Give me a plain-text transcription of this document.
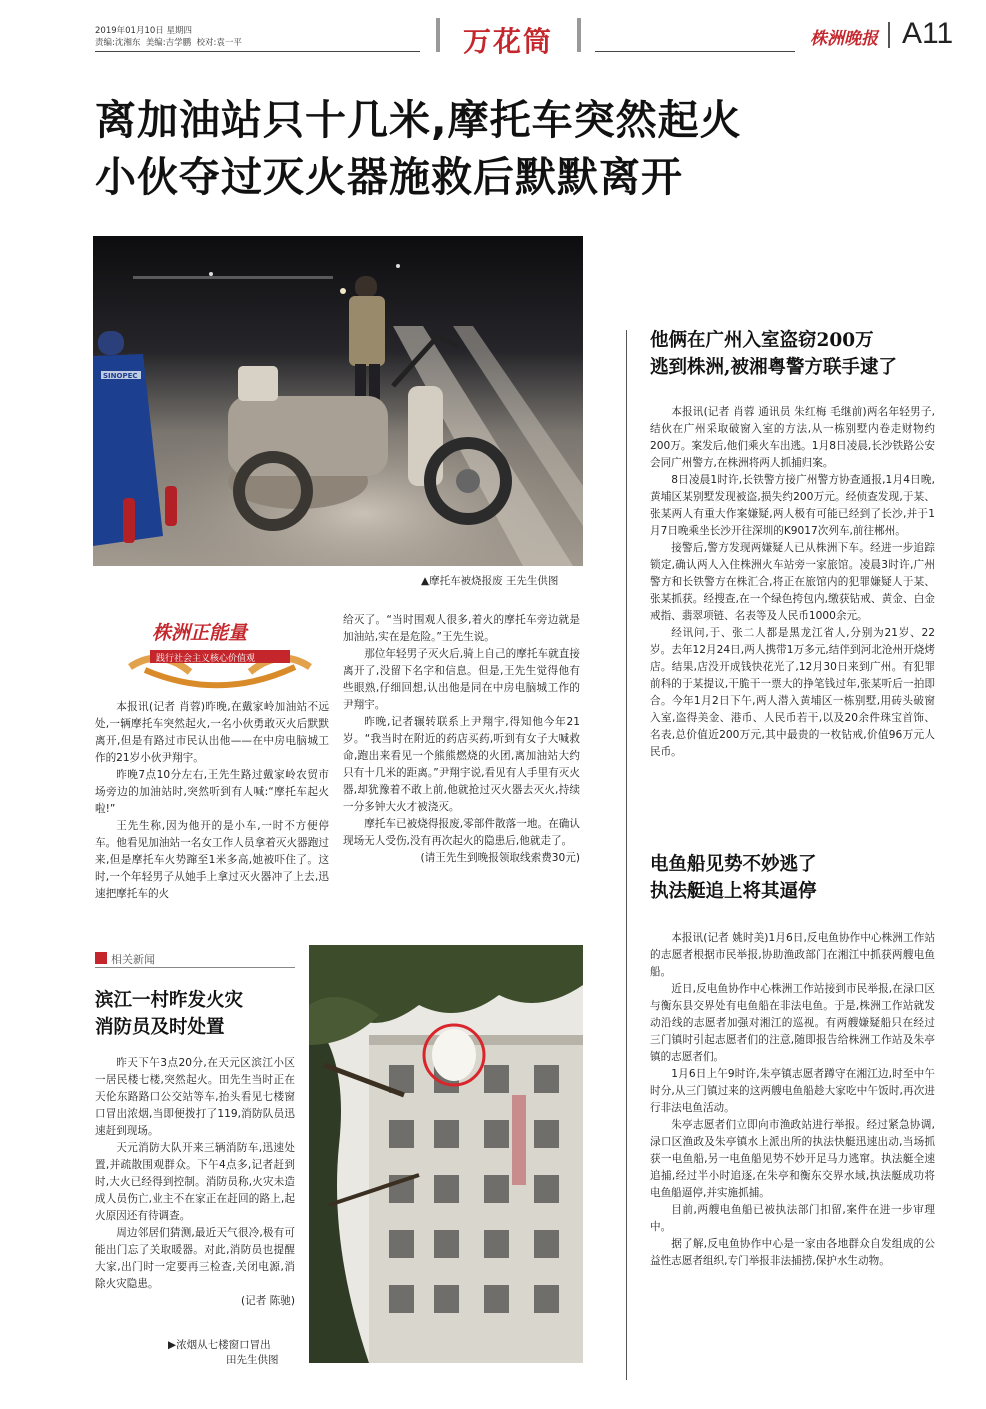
2019年01月10日 星期四
责编:沈湘东  美编:吉学鹏  校对:袁一平	万花筒	株洲晚报 A11
离加油站只十几米,摩托车突然起火
小伙夺过灭火器施救后默默离开
SINOPEC
▲摩托车被烧报废 王先生供图
株洲正能量
践行社会主义核心价值观

本报讯(记者 肖蓉)昨晚,在戴家岭加油站不远处,一辆摩托车突然起火,一名小伙勇敢灭火后默默离开,但是有路过市民认出他——在中房电脑城工作的21岁小伙尹翔宇。

昨晚7点10分左右,王先生路过戴家岭农贸市场旁边的加油站时,突然听到有人喊:“摩托车起火啦!”

王先生称,因为他开的是小车,一时不方便停车。他看见加油站一名女工作人员拿着灭火器跑过来,但是摩托车火势蹿至1米多高,她被吓住了。这时,一个年轻男子从她手上拿过灭火器冲了上去,迅速把摩托车的火

给灭了。“当时围观人很多,着火的摩托车旁边就是加油站,实在是危险。”王先生说。

那位年轻男子灭火后,骑上自己的摩托车就直接离开了,没留下名字和信息。但是,王先生觉得他有些眼熟,仔细回想,认出他是同在中房电脑城工作的尹翔宇。

昨晚,记者辗转联系上尹翔宇,得知他今年21岁。“我当时在附近的药店买药,听到有女子大喊救命,跑出来看见一个熊熊燃烧的火团,离加油站大约只有十几米的距离。”尹翔宇说,看见有人手里有灭火器,却犹豫着不敢上前,他就抢过灭火器去灭火,持续一分多钟大火才被浇灭。

摩托车已被烧得报废,零部件散落一地。在确认现场无人受伤,没有再次起火的隐患后,他就走了。

(请王先生到晚报领取线索费30元)

他俩在广州入室盗窃200万
逃到株洲,被湘粤警方联手逮了

本报讯(记者 肖蓉 通讯员 朱红梅 毛继前)两名年轻男子,结伙在广州采取破窗入室的方法,从一栋别墅内卷走财物约200万。案发后,他们乘火车出逃。1月8日凌晨,长沙铁路公安会同广州警方,在株洲将两人抓捕归案。

8日凌晨1时许,长铁警方接广州警方协查通报,1月4日晚,黄埔区某别墅发现被盗,损失约200万元。经侦查发现,于某、张某两人有重大作案嫌疑,两人极有可能已经到了长沙,并于1月7日晚乘坐长沙开往深圳的K9017次列车,前往郴州。

接警后,警方发现两嫌疑人已从株洲下车。经进一步追踪锁定,确认两人入住株洲火车站旁一家旅馆。凌晨3时许,广州警方和长铁警方在株汇合,将正在旅馆内的犯罪嫌疑人于某、张某抓获。经搜查,在一个绿色挎包内,缴获钻戒、黄金、白金戒指、翡翠项链、名表等及人民币1000余元。

经讯问,于、张二人都是黑龙江省人,分别为21岁、22岁。去年12月24日,两人携带1万多元,结伴到河北沧州开烧烤店。结果,店没开成钱快花光了,12月30日来到广州。有犯罪前科的于某提议,干脆干一票大的挣笔钱过年,张某听后一拍即合。今年1月2日下午,两人潜入黄埔区一栋别墅,用砖头破窗入室,盗得美金、港币、人民币若干,以及20余件珠宝首饰、名表,总价值近200万元,其中最贵的一枚钻戒,价值96万元人民币。

电鱼船见势不妙逃了
执法艇追上将其逼停

本报讯(记者 姚时美)1月6日,反电鱼协作中心株洲工作站的志愿者根据市民举报,协助渔政部门在湘江中抓获两艘电鱼船。

近日,反电鱼协作中心株洲工作站接到市民举报,在渌口区与衡东县交界处有电鱼船在非法电鱼。于是,株洲工作站就发动沿线的志愿者加强对湘江的巡视。有两艘嫌疑船只在经过三门镇时引起志愿者们的注意,随即报告给株洲工作站及朱亭镇的志愿者们。

1月6日上午9时许,朱亭镇志愿者蹲守在湘江边,时至中午时分,从三门镇过来的这两艘电鱼船趁大家吃中午饭时,再次进行非法电鱼活动。

朱亭志愿者们立即向市渔政站进行举报。经过紧急协调,渌口区渔政及朱亭镇水上派出所的执法快艇迅速出动,当场抓获一电鱼船,另一电鱼船见势不妙开足马力逃窜。执法艇全速追捕,经过半小时追逐,在朱亭和衡东交界水域,执法艇成功将电鱼船逼停,并实施抓捕。

目前,两艘电鱼船已被执法部门扣留,案件在进一步审理中。

据了解,反电鱼协作中心是一家由各地群众自发组成的公益性志愿者组织,专门举报非法捕捞,保护水生动物。

相关新闻
滨江一村昨发火灾
消防员及时处置

昨天下午3点20分,在天元区滨江小区一居民楼七楼,突然起火。田先生当时正在天伦东路路口公交站等车,抬头看见七楼窗口冒出浓烟,当即便拨打了119,消防队员迅速赶到现场。

天元消防大队开来三辆消防车,迅速处置,并疏散围观群众。下午4点多,记者赶到时,大火已经得到控制。消防员称,火灾未造成人员伤亡,业主不在家正在赶回的路上,起火原因还有待调查。

周边邻居们猜测,最近天气很冷,极有可能出门忘了关取暖器。对此,消防员也提醒大家,出门时一定要再三检查,关闭电源,消除火灾隐患。

(记者 陈驰)

▶浓烟从七楼窗口冒出
田先生供图
